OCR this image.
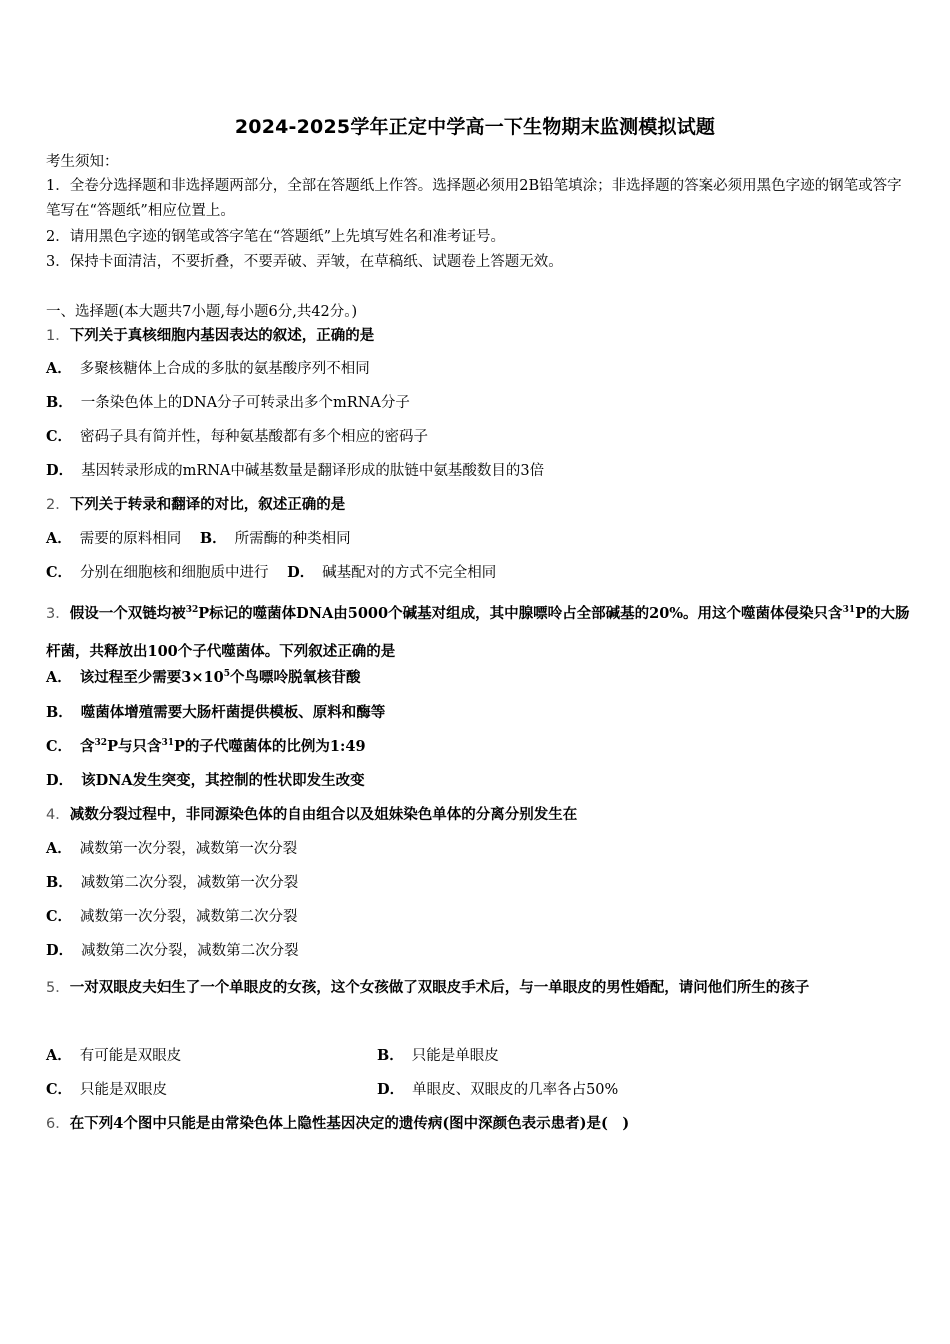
2024-2025学年正定中学高一下生物期末监测模拟试题
考生须知：
1．全卷分选择题和非选择题两部分，全部在答题纸上作答。选择题必须用2B铅笔填涂；非选择题的答案必须用黑色字迹的钢笔或答字笔写在“答题纸”相应位置上。
2．请用黑色字迹的钢笔或答字笔在“答题纸”上先填写姓名和准考证号。
3．保持卡面清洁，不要折叠，不要弄破、弄皱，在草稿纸、试题卷上答题无效。
一、选择题(本大题共7小题,每小题6分,共42分。)
1．下列关于真核细胞内基因表达的叙述，正确的是
A． 多聚核糖体上合成的多肽的氨基酸序列不相同
B． 一条染色体上的DNA分子可转录出多个mRNA分子
C． 密码子具有简并性，每种氨基酸都有多个相应的密码子
D． 基因转录形成的mRNA中碱基数量是翻译形成的肽链中氨基酸数目的3倍
2．下列关于转录和翻译的对比，叙述正确的是
A． 需要的原料相同 B． 所需酶的种类相同
C． 分别在细胞核和细胞质中进行 D． 碱基配对的方式不完全相同
3．假设一个双链均被$^{32}$P标记的噬菌体DNA由5000个碱基对组成，其中腺嘌呤占全部碱基的20%。用这个噬菌体侵染只含$^{31}$P的大肠杆菌，共释放出100个子代噬菌体。下列叙述正确的是
A． 该过程至少需要$3\times 10^5$个鸟嘌呤脱氧核苷酸
B． 噬菌体增殖需要大肠杆菌提供模板、原料和酶等
C． 含$^{32}$P与只含$^{31}$P的子代噬菌体的比例为1:49
D． 该DNA发生突变，其控制的性状即发生改变
4．减数分裂过程中，非同源染色体的自由组合以及姐妹染色单体的分离分别发生在
A． 减数第一次分裂，减数第一次分裂
B． 减数第二次分裂，减数第一次分裂
C． 减数第一次分裂，减数第二次分裂
D． 减数第二次分裂，减数第二次分裂
5．一对双眼皮夫妇生了一个单眼皮的女孩，这个女孩做了双眼皮手术后，与一单眼皮的男性婚配，请问他们所生的孩子
A． 有可能是双眼皮	B． 只能是单眼皮
C． 只能是双眼皮	D． 单眼皮、双眼皮的几率各占50%
6．在下列4个图中只能是由常染色体上隐性基因决定的遗传病(图中深颜色表示患者)是(　)
